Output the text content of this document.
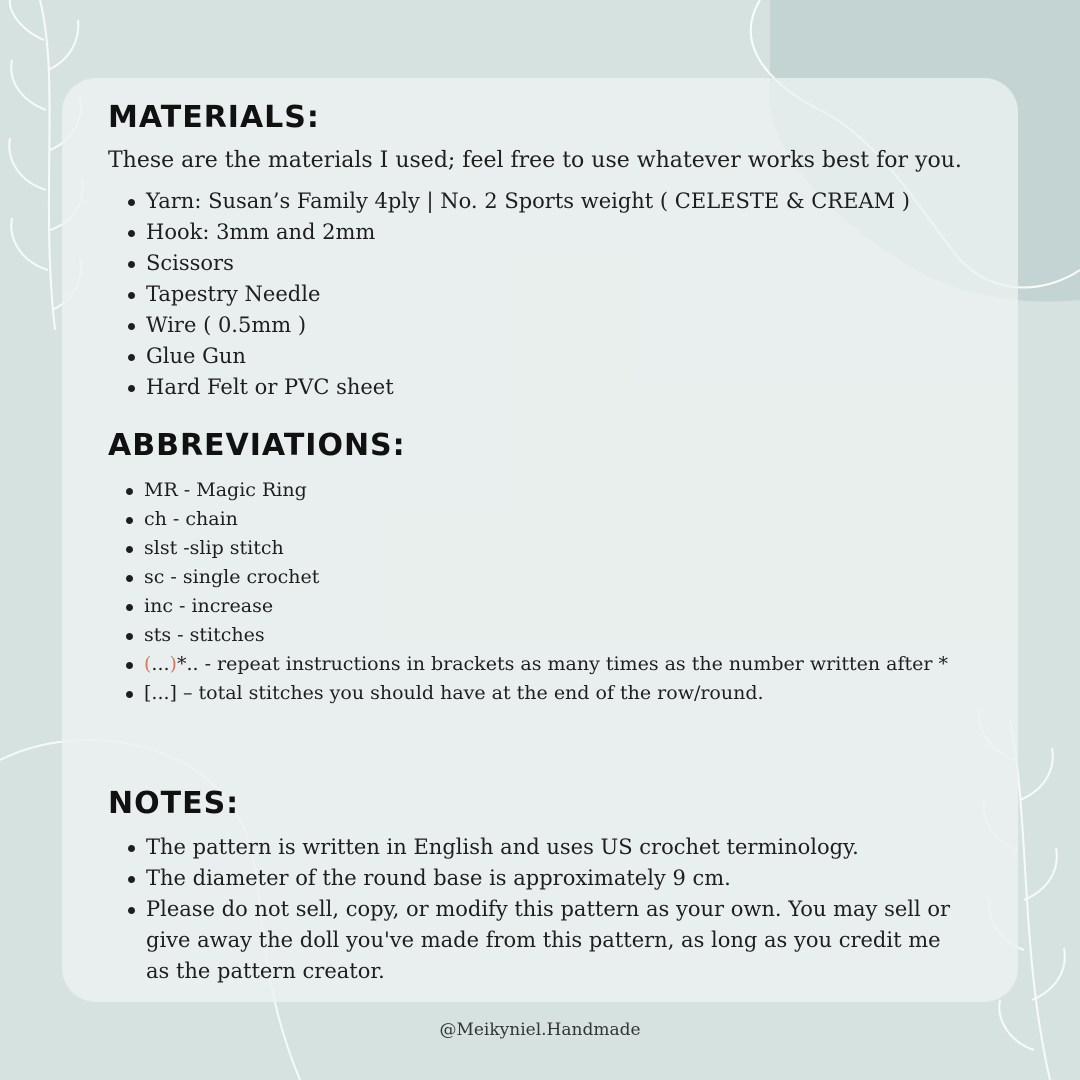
MATERIALS:

These are the materials I used; feel free to use whatever works best for you.

Yarn: Susan’s Family 4ply | No. 2 Sports weight ( CELESTE & CREAM )
Hook: 3mm and 2mm
Scissors
Tapestry Needle
Wire ( 0.5mm )
Glue Gun
Hard Felt or PVC sheet
ABBREVIATIONS:
MR - Magic Ring
ch - chain
slst -slip stitch
sc - single crochet
inc - increase
sts - stitches
(...)*.. - repeat instructions in brackets as many times as the number written after *
[...] – total stitches you should have at the end of the row/round.
NOTES:
The pattern is written in English and uses US crochet terminology.
The diameter of the round base is approximately 9 cm.
Please do not sell, copy, or modify this pattern as your own. You may sell or give away the doll you've made from this pattern, as long as you credit me as the pattern creator.
@Meikyniel.Handmade
